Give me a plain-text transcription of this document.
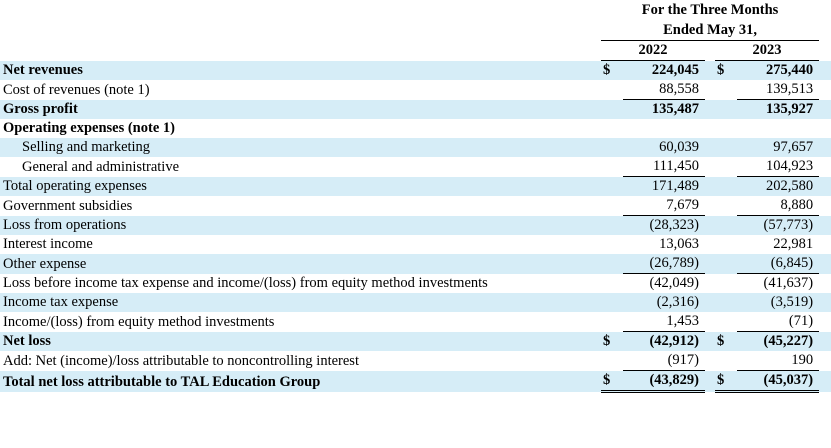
	For the Three Months					
	Ended May 31,					
	2022			2023		
Net revenues	$	224,045		$	275,440	
Cost of revenues (note 1)		88,558			139,513	
Gross profit		135,487			135,927	
Operating expenses (note 1)						
Selling and marketing		60,039			97,657	
General and administrative		111,450			104,923	
Total operating expenses		171,489			202,580	
Government subsidies		7,679			8,880	
Loss from operations		(28,323)			(57,773)	
Interest income		13,063			22,981	
Other expense		(26,789)			(6,845)	
Loss before income tax expense and income/(loss) from equity method investments		(42,049)			(41,637)	
Income tax expense		(2,316)			(3,519)	
Income/(loss) from equity method investments		1,453			(71)	
Net loss	$	(42,912)		$	(45,227)	
Add: Net (income)/loss attributable to noncontrolling interest		(917)			190	
Total net loss attributable to TAL Education Group	$	(43,829)		$	(45,037)	
